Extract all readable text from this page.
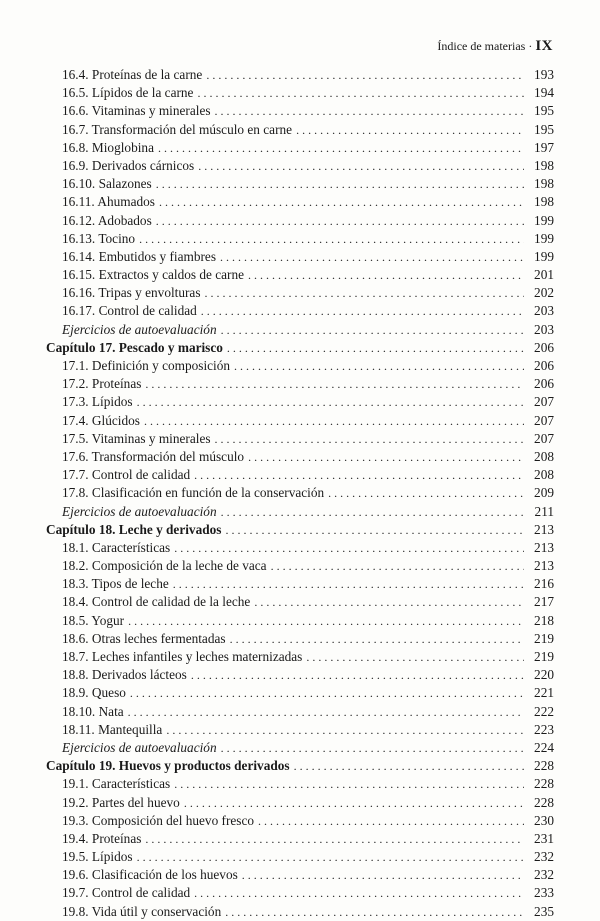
Índice de materias · IX
16.4. Proteínas de la carne . . .	193
16.5. Lípidos de la carne . . .	194
16.6. Vitaminas y minerales . . .	195
16.7. Transformación del músculo en carne . . .	195
16.8. Mioglobina . . .	197
16.9. Derivados cárnicos . . .	198
16.10. Salazones . . .	198
16.11. Ahumados . . .	198
16.12. Adobados . . .	199
16.13. Tocino . . .	199
16.14. Embutidos y fiambres . . .	199
16.15. Extractos y caldos de carne . . .	201
16.16. Tripas y envolturas . . .	202
16.17. Control de calidad . . .	203
Ejercicios de autoevaluación . . .	203
Capítulo 17. Pescado y marisco . . .	206
17.1. Definición y composición . . .	206
17.2. Proteínas . . .	206
17.3. Lípidos . . .	207
17.4. Glúcidos . . .	207
17.5. Vitaminas y minerales . . .	207
17.6. Transformación del músculo . . .	208
17.7. Control de calidad . . .	208
17.8. Clasificación en función de la conservación . . .	209
Ejercicios de autoevaluación . . .	211
Capítulo 18. Leche y derivados . . .	213
18.1. Características . . .	213
18.2. Composición de la leche de vaca . . .	213
18.3. Tipos de leche . . .	216
18.4. Control de calidad de la leche . . .	217
18.5. Yogur . . .	218
18.6. Otras leches fermentadas . . .	219
18.7. Leches infantiles y leches maternizadas . . .	219
18.8. Derivados lácteos . . .	220
18.9. Queso . . .	221
18.10. Nata . . .	222
18.11. Mantequilla . . .	223
Ejercicios de autoevaluación . . .	224
Capítulo 19. Huevos y productos derivados . . .	228
19.1. Características . . .	228
19.2. Partes del huevo . . .	228
19.3. Composición del huevo fresco . . .	230
19.4. Proteínas . . .	231
19.5. Lípidos . . .	232
19.6. Clasificación de los huevos . . .	232
19.7. Control de calidad . . .	233
19.8. Vida útil y conservación . . .	235
